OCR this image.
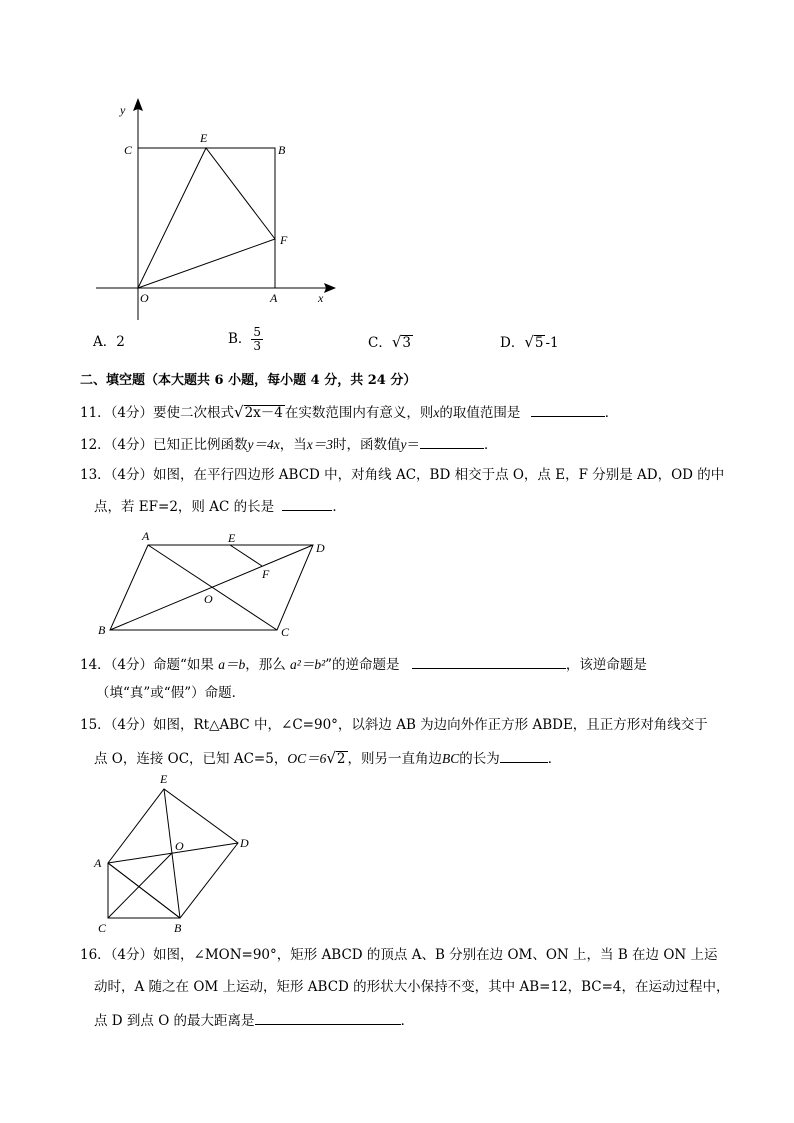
y
C
E
B
F
O	A	x
A．2	B． $\frac{5}{3}$	C．√3	D．√5 -1
二、填空题（本大题共 6 小题，每小题 4 分，共 24 分）
11．（4分）要使二次根式√2x－4 在实数范围内有意义，则x的取值范围是	．
12．（4分）已知正比例函数y＝4x，当x＝3时，函数值y＝	．
13．（4分）如图，在平行四边形 ABCD 中，对角线 AC，BD 相交于点 O，点 E，F 分别是 AD，OD 的中
点，若 EF=2，则 AC 的长是	．
A	E
D
F
O
B	C
14．（4分）命题“如果 a＝b，那么 a²＝b²”的逆命题是	，该逆命题是
（填“真”或“假”）命题．
15．（4分）如图，Rt△ABC 中，∠C=90°，以斜边 AB 为边向外作正方形 ABDE，且正方形对角线交于
点 O，连接 OC，已知 AC=5，OC＝6√2 ，则另一直角边BC的长为	．
E
O	D
A
C	B
16．（4分）如图，∠MON=90°，矩形 ABCD 的顶点 A、B 分别在边 OM、ON 上，当 B 在边 ON 上运
动时，A 随之在 OM 上运动，矩形 ABCD 的形状大小保持不变，其中 AB=12，BC=4，在运动过程中，
点 D 到点 O 的最大距离是	．
